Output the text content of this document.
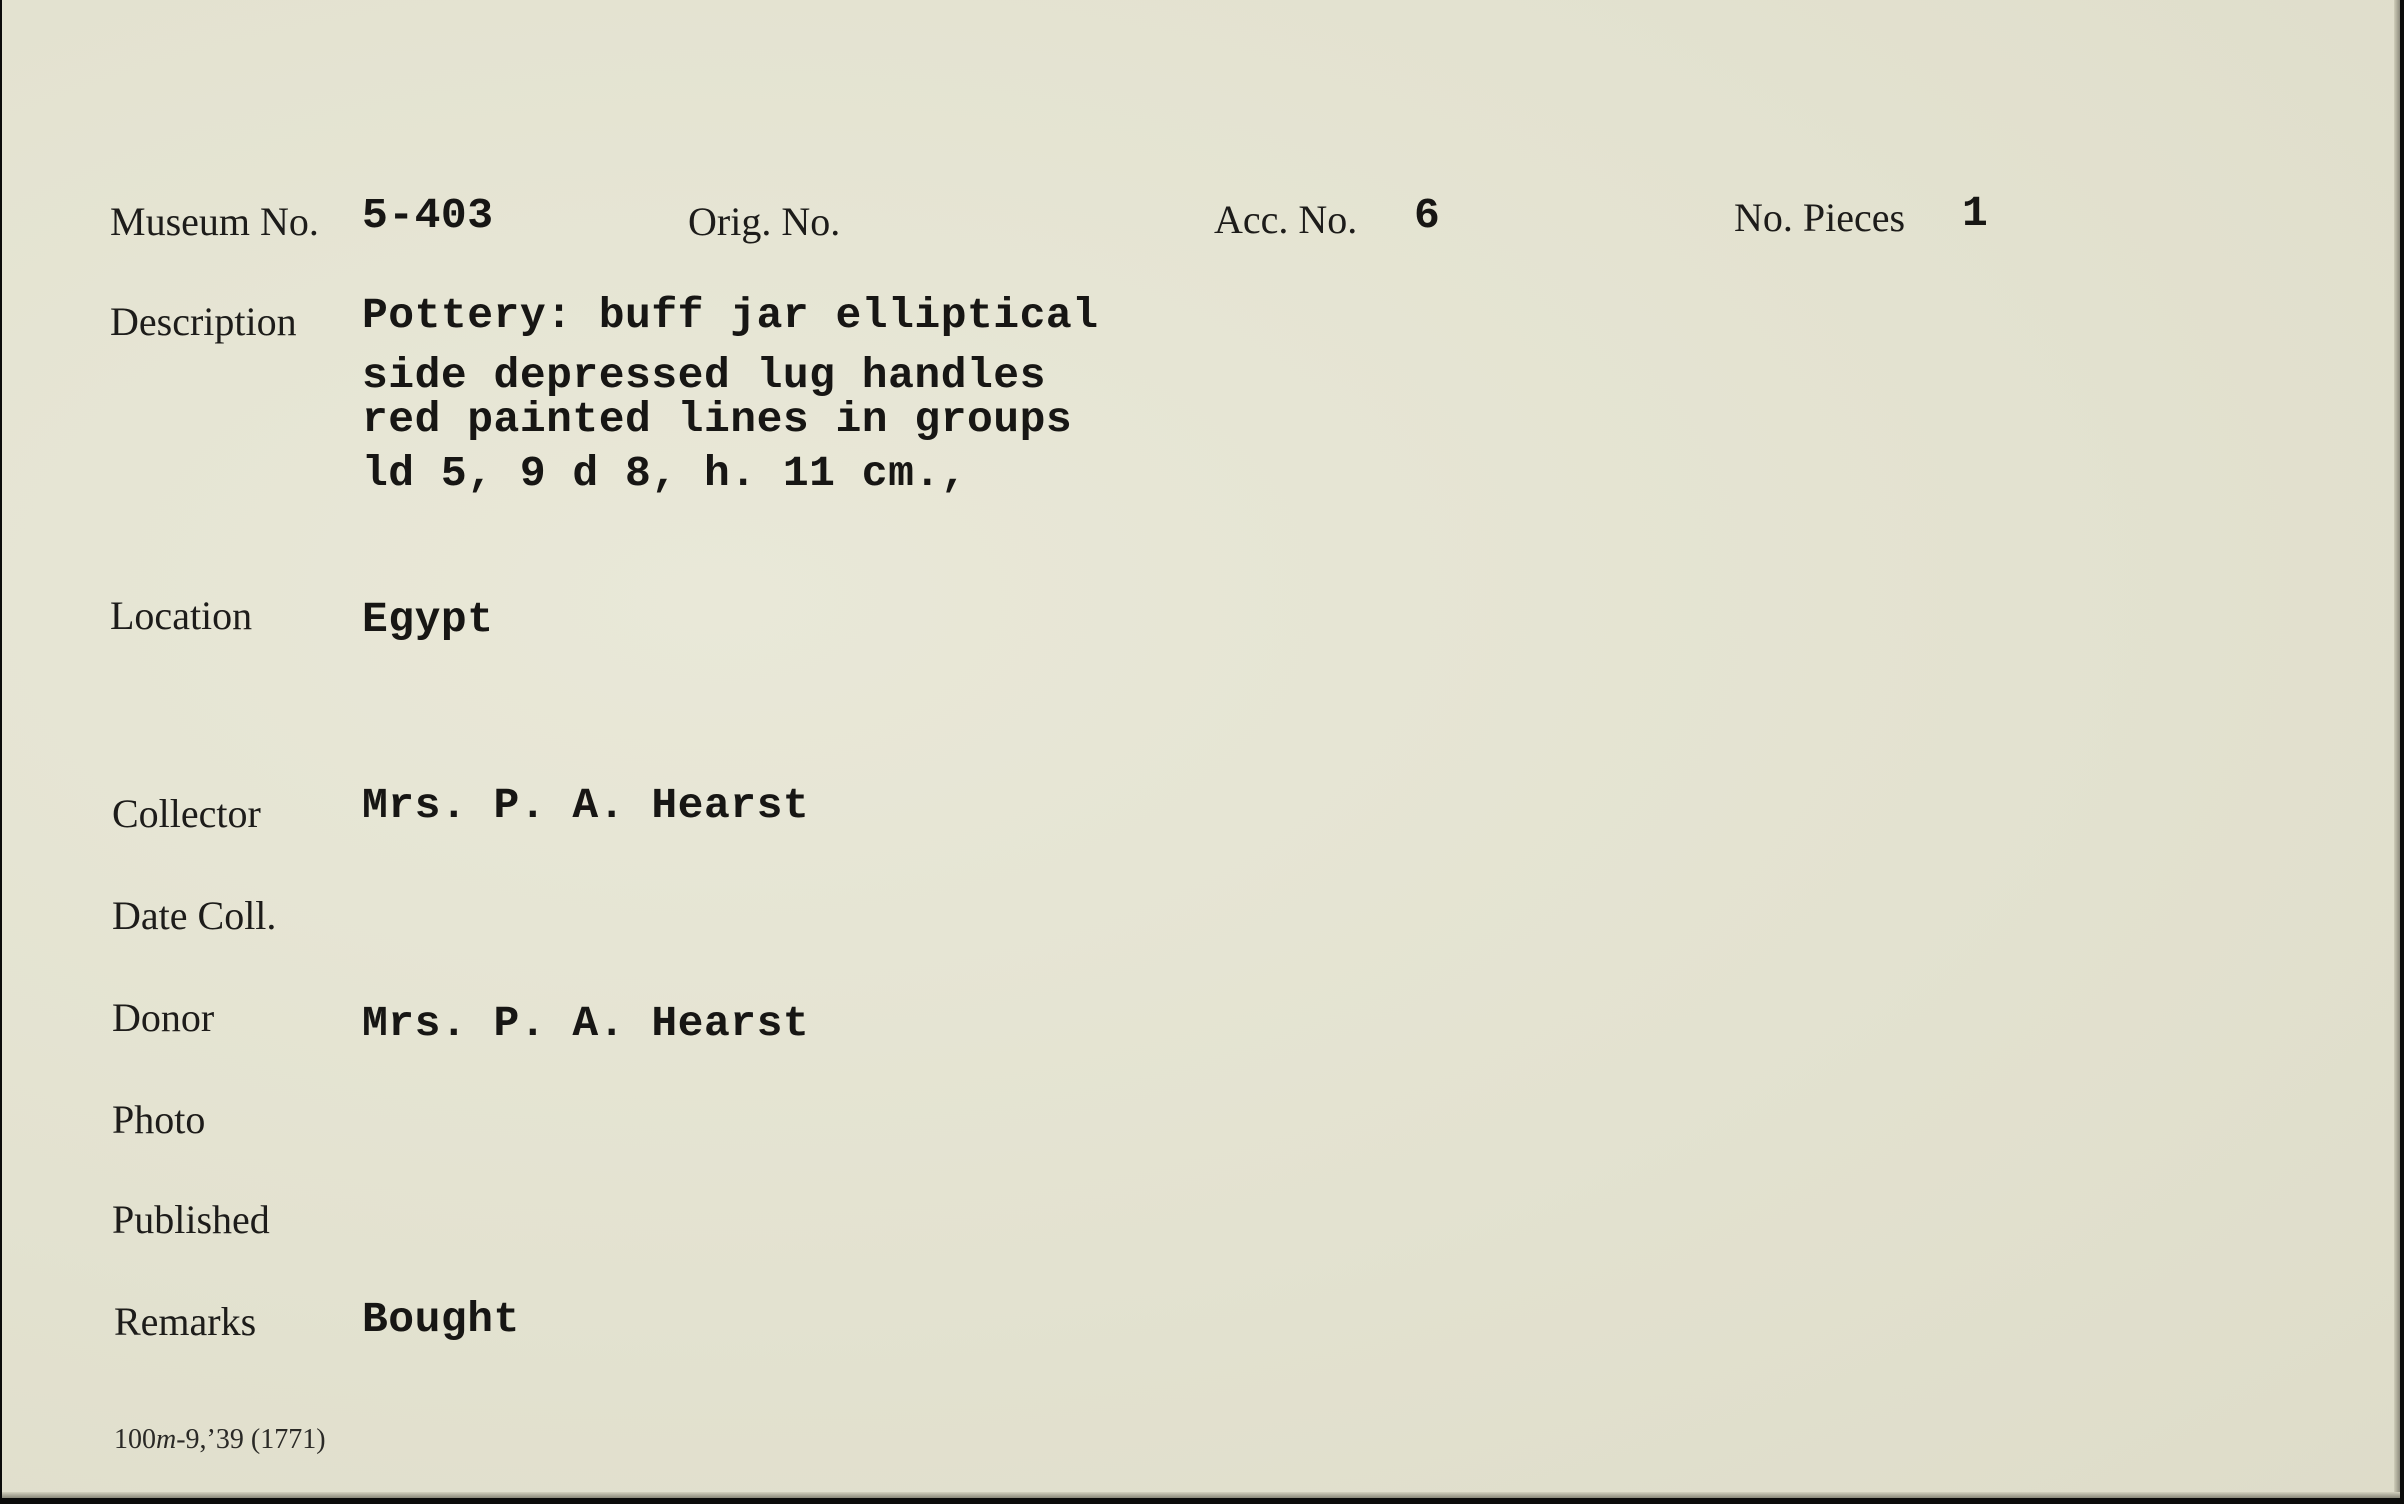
Museum No. 5-403	Orig. No.	Acc. No. 6	No. Pieces 1
Description Pottery: buff jar elliptical
side depressed lug handles
red painted lines in groups
ld 5, 9 d 8, h. 11 cm.,
Location	Egypt
Collector Mrs. P. A. Hearst
Date Coll.
Donor	Mrs. P. A. Hearst
Photo
Published
Remarks Bought
100m-9,’39 (1771)
